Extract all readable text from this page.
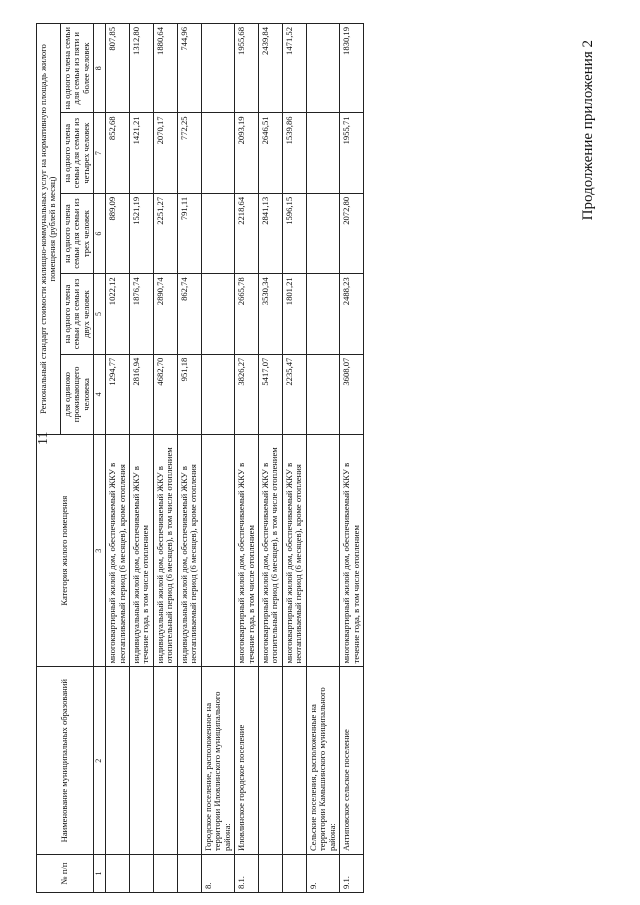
№ п/п	Наименование муниципальных образований	Категория жилого помещения	Региональный стандарт стоимости жилищно-коммунальных услуг на нормативную площадь жилого помещения (рублей в месяц)				
			для одиноко проживающего человека	на одного члена семьи для семьи из двух человек	на одного члена семьи для семьи из трех человек	на одного члена семьи для семьи из четырех человек	на одного члена семьи для семьи из пяти и более человек
1	2	3	4	5	6	7	8
		многоквартирный жилой дом, обеспечиваемый ЖКУ в неотапливаемый период (6 месяцев), кроме отопления	1294,77	1022,12	889,09	852,68	807,85
		индивидуальный жилой дом, обеспечиваемый ЖКУ в течение года, в том числе отоплением	2816,94	1876,74	1521,19	1421,21	1312,80
		индивидуальный жилой дом, обеспечиваемый ЖКУ в отопительный период (6 месяцев), в том числе отоплением	4682,70	2890,74	2251,27	2070,17	1880,64
		индивидуальный жилой дом, обеспечиваемый ЖКУ в неотапливаемый период (6 месяцев), кроме отопления	951,18	862,74	791,11	772,25	744,96
8.	Городское поселение, расположенное на территории Иловлинского муниципального района:						
8.1.	Иловлинское городское поселение	многоквартирный жилой дом, обеспечиваемый ЖКУ в течение года, в том числе отоплением	3826,27	2665,78	2218,64	2093,19	1955,68
		многоквартирный жилой дом, обеспечиваемый ЖКУ в отопительный период (6 месяцев), в том числе отоплением	5417,07	3530,34	2841,13	2646,51	2439,84
		многоквартирный жилой дом, обеспечиваемый ЖКУ в неотапливаемый период (6 месяцев), кроме отопления	2235,47	1801,21	1596,15	1539,86	1471,52
9.	Сельские поселения, расположенные на территории Камышинского муниципального района:						
9.1.	Антиповское сельское поселение	многоквартирный жилой дом, обеспечиваемый ЖКУ в течение года, в том числе отоплением	3608,07	2488,23	2072,80	1955,71	1830,19	Продолжение приложения 2
11
